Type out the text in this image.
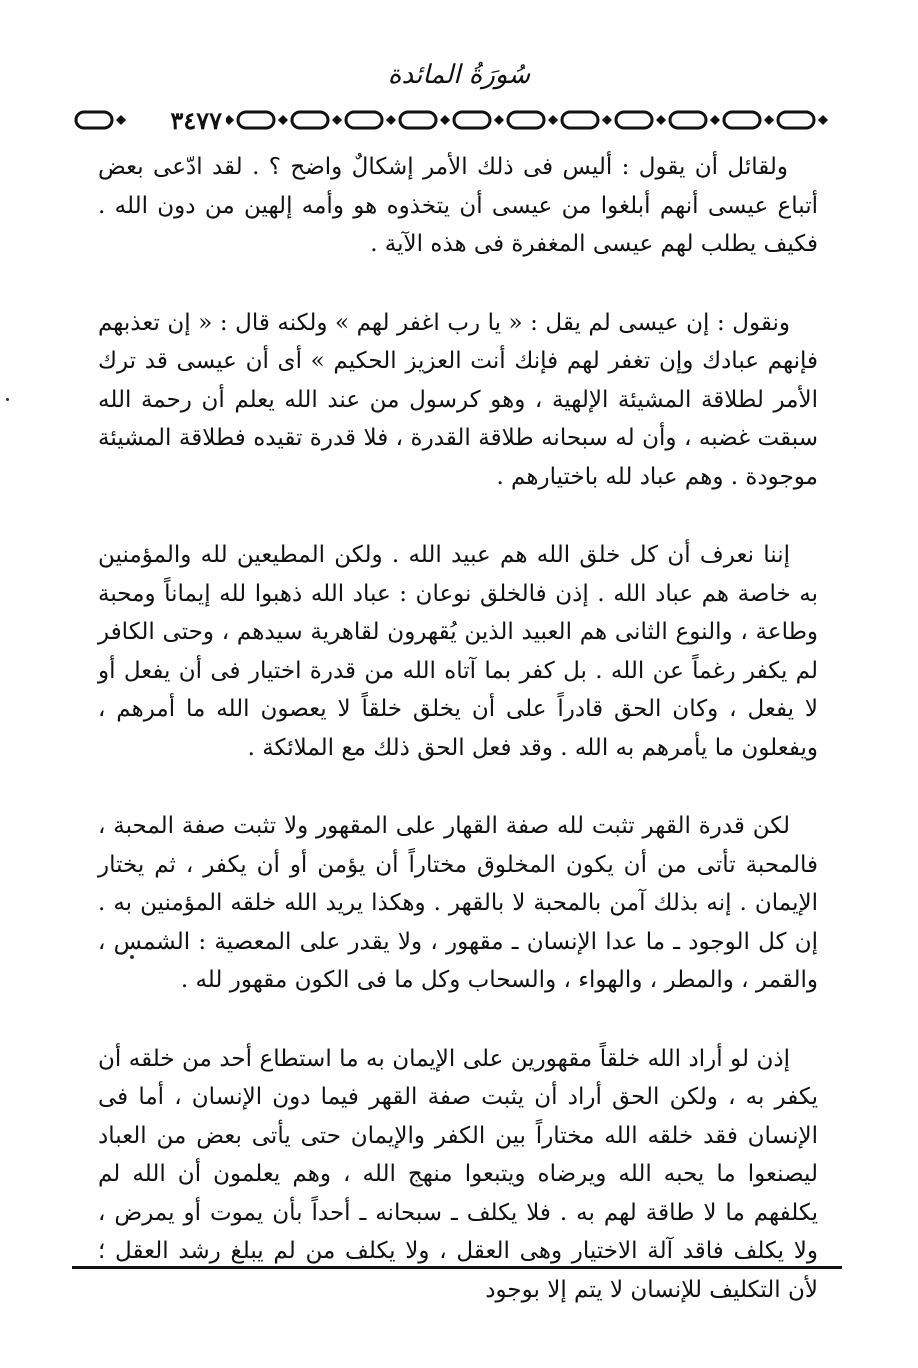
سُورَةُ المائدة
٣٤٧٧

ولقائل أن يقول : أليس فى ذلك الأمر إشكالٌ واضح ؟ . لقد ادّعى بعض أتباع عيسى أنهم أبلغوا من عيسى أن يتخذوه هو وأمه إلهين من دون الله . فكيف يطلب لهم عيسى المغفرة فى هذه الآية .

ونقول : إن عيسى لم يقل : « يا رب اغفر لهم » ولكنه قال : « إن تعذبهم فإنهم عبادك وإن تغفر لهم فإنك أنت العزيز الحكيم » أى أن عيسى قد ترك الأمر لطلاقة المشيئة الإلهية ، وهو كرسول من عند الله يعلم أن رحمة الله سبقت غضبه ، وأن له سبحانه طلاقة القدرة ، فلا قدرة تقيده فطلاقة المشيئة موجودة . وهم عباد لله باختيارهم .

إننا نعرف أن كل خلق الله هم عبيد الله . ولكن المطيعين لله والمؤمنين به خاصة هم عباد الله . إذن فالخلق نوعان : عباد الله ذهبوا لله إيماناً ومحبة وطاعة ، والنوع الثانى هم العبيد الذين يُقهرون لقاهرية سيدهم ، وحتى الكافر لم يكفر رغماً عن الله . بل كفر بما آتاه الله من قدرة اختيار فى أن يفعل أو لا يفعل ، وكان الحق قادراً على أن يخلق خلقاً لا يعصون الله ما أمرهم ، ويفعلون ما يأمرهم به الله . وقد فعل الحق ذلك مع الملائكة .

لكن قدرة القهر تثبت لله صفة القهار على المقهور ولا تثبت صفة المحبة ، فالمحبة تأتى من أن يكون المخلوق مختاراً أن يؤمن أو أن يكفر ، ثم يختار الإيمان . إنه بذلك آمن بالمحبة لا بالقهر . وهكذا يريد الله خلقه المؤمنين به . إن كل الوجود ـ ما عدا الإنسان ـ مقهور ، ولا يقدر على المعصية : الشمس ، والقمر ، والمطر ، والهواء ، والسحاب وكل ما فى الكون مقهور لله .

إذن لو أراد الله خلقاً مقهورين على الإيمان به ما استطاع أحد من خلقه أن يكفر به ، ولكن الحق أراد أن يثبت صفة القهر فيما دون الإنسان ، أما فى الإنسان فقد خلقه الله مختاراً بين الكفر والإيمان حتى يأتى بعض من العباد ليصنعوا ما يحبه الله ويرضاه ويتبعوا منهج الله ، وهم يعلمون أن الله لم يكلفهم ما لا طاقة لهم به . فلا يكلف ـ سبحانه ـ أحداً بأن يموت أو يمرض ، ولا يكلف فاقد آلة الاختيار وهى العقل ، ولا يكلف من لم يبلغ رشد العقل ؛ لأن التكليف للإنسان لا يتم إلا بوجود
